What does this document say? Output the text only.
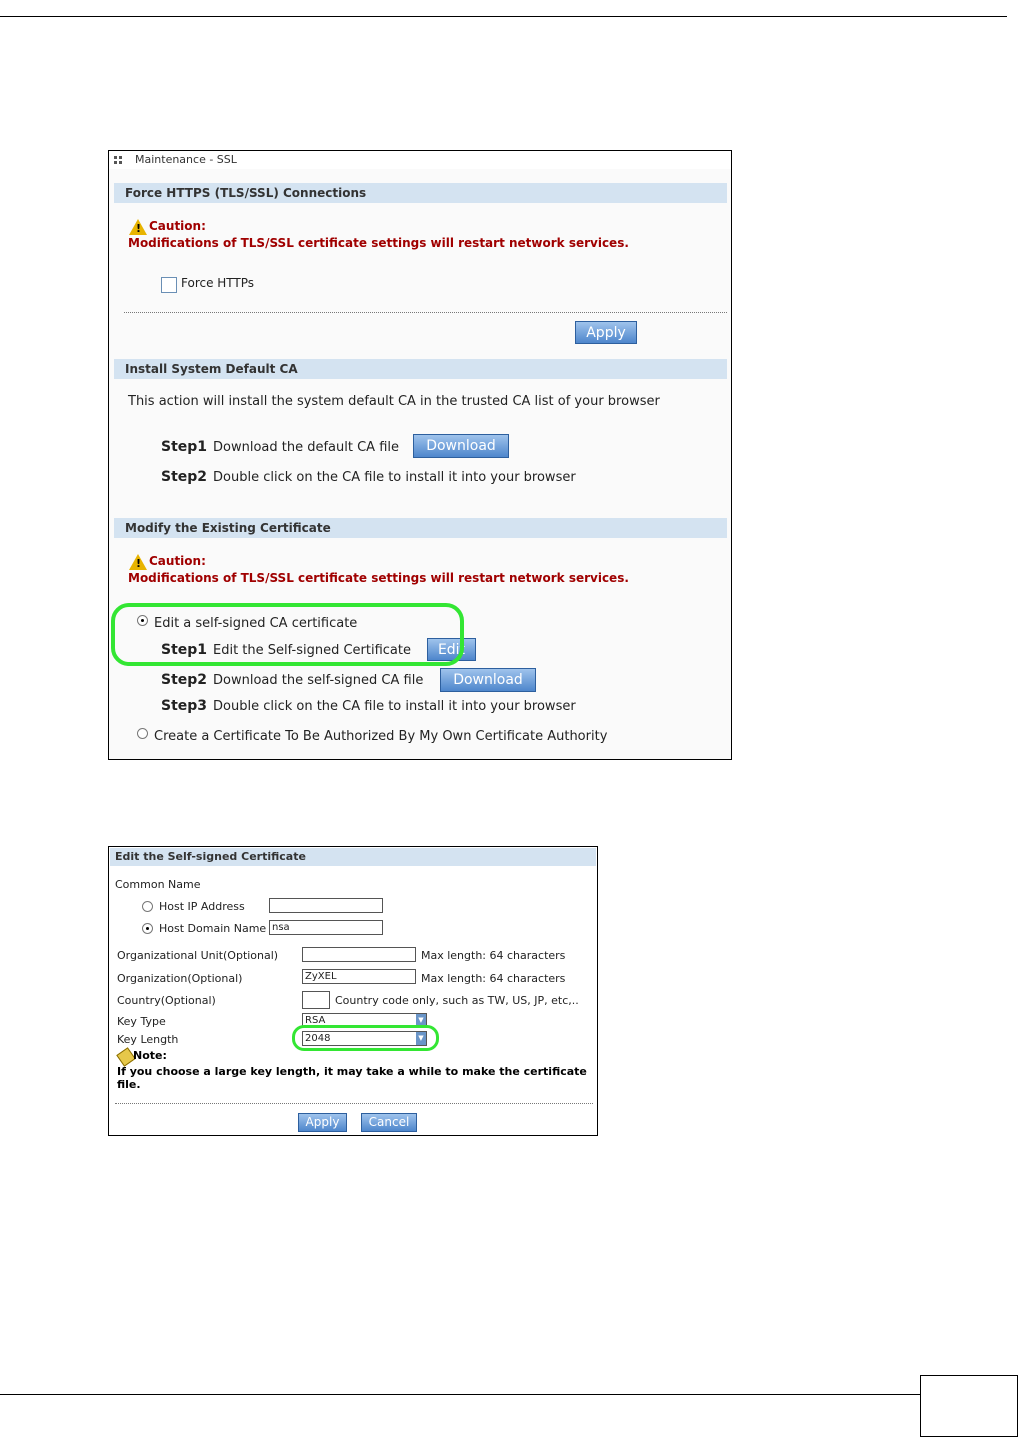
Maintenance - SSL
Force HTTPS (TLS/SSL) Connections
! Caution:
Modifications of TLS/SSL certificate settings will restart network services.
Force HTTPs
Apply
Install System Default CA
This action will install the system default CA in the trusted CA list of your browser
Step1 Download the default CA file	Download
Step2 Double click on the CA file to install it into your browser
Modify the Existing Certificate
! Caution:
Modifications of TLS/SSL certificate settings will restart network services.
Edit a self-signed CA certificate
Step1 Edit the Self-signed Certificate	Edit
Step2 Download the self-signed CA file	Download
Step3 Double click on the CA file to install it into your browser
Create a Certificate To Be Authorized By My Own Certificate Authority
Edit the Self-signed Certificate
Common Name
Host IP Address
Host Domain Name nsa
Organizational Unit(Optional)	Max length: 64 characters
Organization(Optional)	ZyXEL	Max length: 64 characters
Country(Optional)	Country code only, such as TW, US, JP, etc,..
Key Type	RSA	▼
Key Length	2048	▼
Note:
If you choose a large key length, it may take a while to make the certificate file.
Apply	Cancel
